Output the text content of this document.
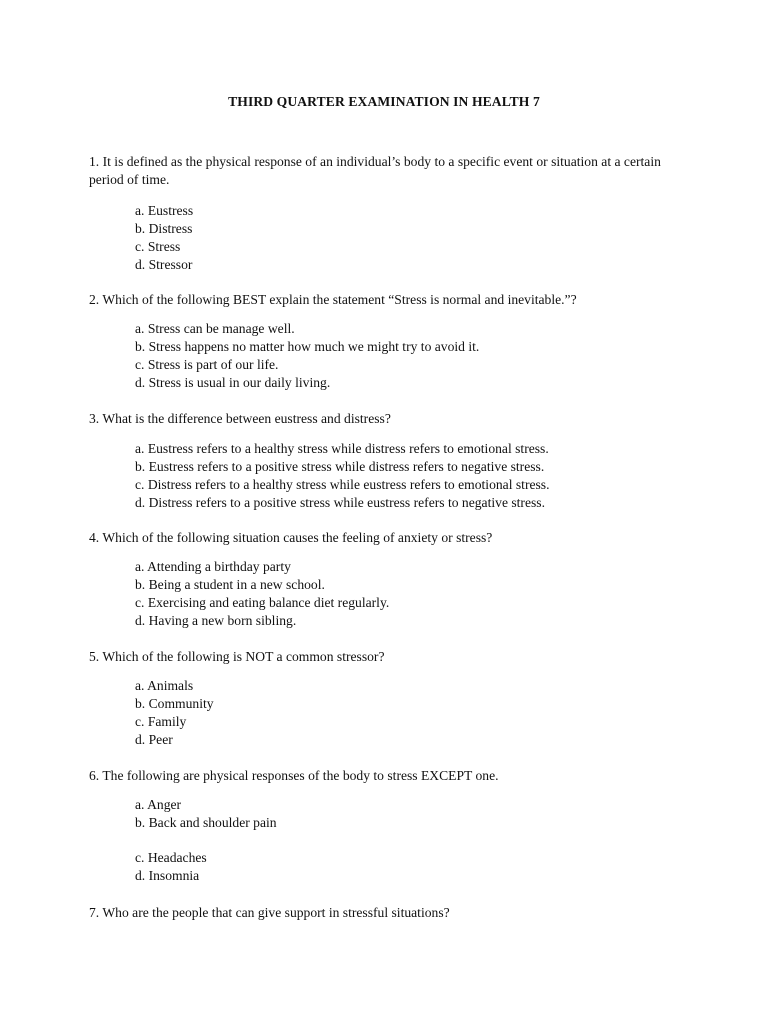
THIRD QUARTER EXAMINATION IN HEALTH 7
1. It is defined as the physical response of an individual’s body to a specific event or situation at a certain period of time.
a. Eustress
b. Distress
c. Stress
d. Stressor
2. Which of the following BEST explain the statement “Stress is normal and inevitable.”?
a. Stress can be manage well.
b. Stress happens no matter how much we might try to avoid it.
c. Stress is part of our life.
d. Stress is usual in our daily living.
3. What is the difference between eustress and distress?
a. Eustress refers to a healthy stress while distress refers to emotional stress.
b. Eustress refers to a positive stress while distress refers to negative stress.
c. Distress refers to a healthy stress while eustress refers to emotional stress.
d. Distress refers to a positive stress while eustress refers to negative stress.
4. Which of the following situation causes the feeling of anxiety or stress?
a. Attending a birthday party
b. Being a student in a new school.
c. Exercising and eating balance diet regularly.
d. Having a new born sibling.
5. Which of the following is NOT a common stressor?
a. Animals
b. Community
c. Family
d. Peer
6. The following are physical responses of the body to stress EXCEPT one.
a. Anger
b. Back and shoulder pain
c. Headaches
d. Insomnia
7. Who are the people that can give support in stressful situations?
